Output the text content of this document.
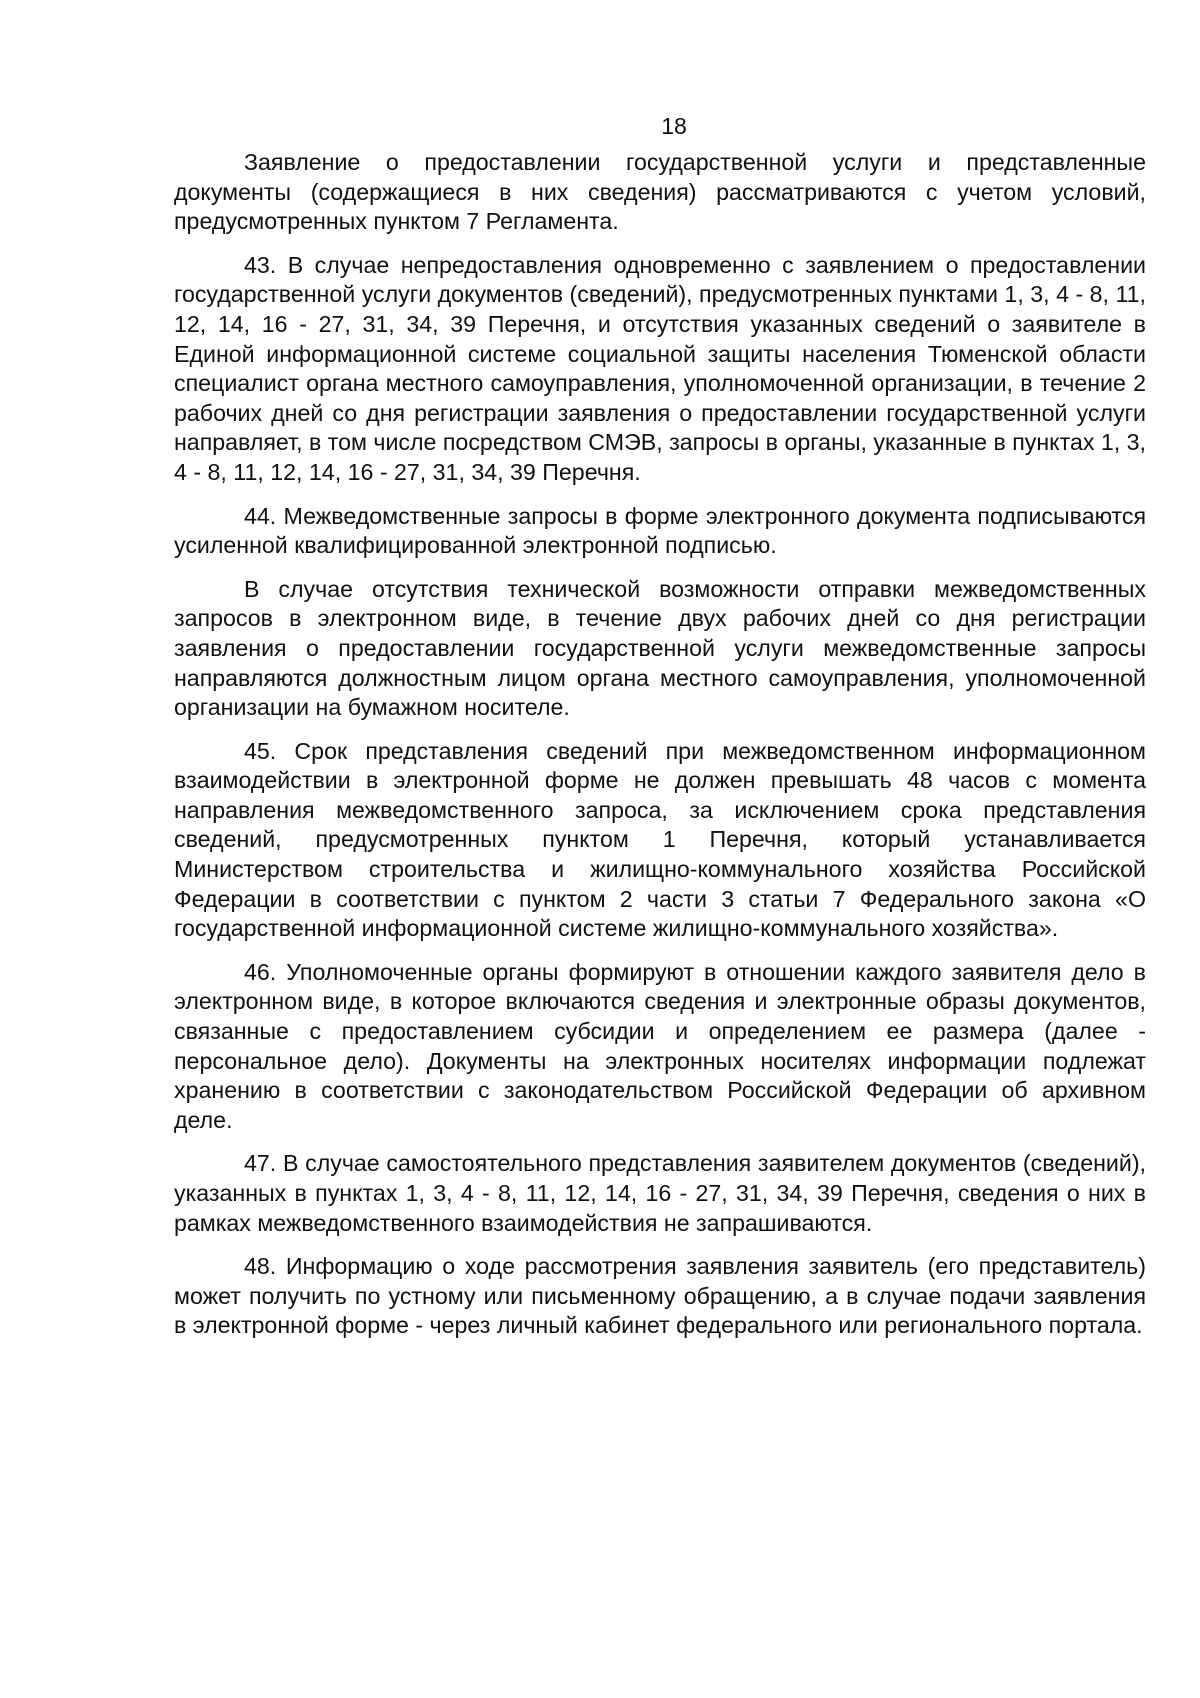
18

Заявление о предоставлении государственной услуги и представленные документы (содержащиеся в них сведения) рассматриваются с учетом условий, предусмотренных пунктом 7 Регламента.

43. В случае непредоставления одновременно с заявлением о предоставлении государственной услуги документов (сведений), предусмотренных пунктами 1, 3, 4 - 8, 11, 12, 14, 16 - 27, 31, 34, 39 Перечня, и отсутствия указанных сведений о заявителе в Единой информационной системе социальной защиты населения Тюменской области специалист органа местного самоуправления, уполномоченной организации, в течение 2 рабочих дней со дня регистрации заявления о предоставлении государственной услуги направляет, в том числе посредством СМЭВ, запросы в органы, указанные в пунктах 1, 3, 4 - 8, 11, 12, 14, 16 - 27, 31, 34, 39 Перечня.

44. Межведомственные запросы в форме электронного документа подписываются усиленной квалифицированной электронной подписью.

В случае отсутствия технической возможности отправки межведомственных запросов в электронном виде, в течение двух рабочих дней со дня регистрации заявления о предоставлении государственной услуги межведомственные запросы направляются должностным лицом органа местного самоуправления, уполномоченной организации на бумажном носителе.

45. Срок представления сведений при межведомственном информационном взаимодействии в электронной форме не должен превышать 48 часов с момента направления межведомственного запроса, за исключением срока представления сведений, предусмотренных пунктом 1 Перечня, который устанавливается Министерством строительства и жилищно-коммунального хозяйства Российской Федерации в соответствии с пунктом 2 части 3 статьи 7 Федерального закона «О государственной информационной системе жилищно-коммунального хозяйства».

46. Уполномоченные органы формируют в отношении каждого заявителя дело в электронном виде, в которое включаются сведения и электронные образы документов, связанные с предоставлением субсидии и определением ее размера (далее - персональное дело). Документы на электронных носителях информации подлежат хранению в соответствии с законодательством Российской Федерации об архивном деле.

47. В случае самостоятельного представления заявителем документов (сведений), указанных в пунктах 1, 3, 4 - 8, 11, 12, 14, 16 - 27, 31, 34, 39 Перечня, сведения о них в рамках межведомственного взаимодействия не запрашиваются.

48. Информацию о ходе рассмотрения заявления заявитель (его представитель) может получить по устному или письменному обращению, а в случае подачи заявления в электронной форме - через личный кабинет федерального или регионального портала.
